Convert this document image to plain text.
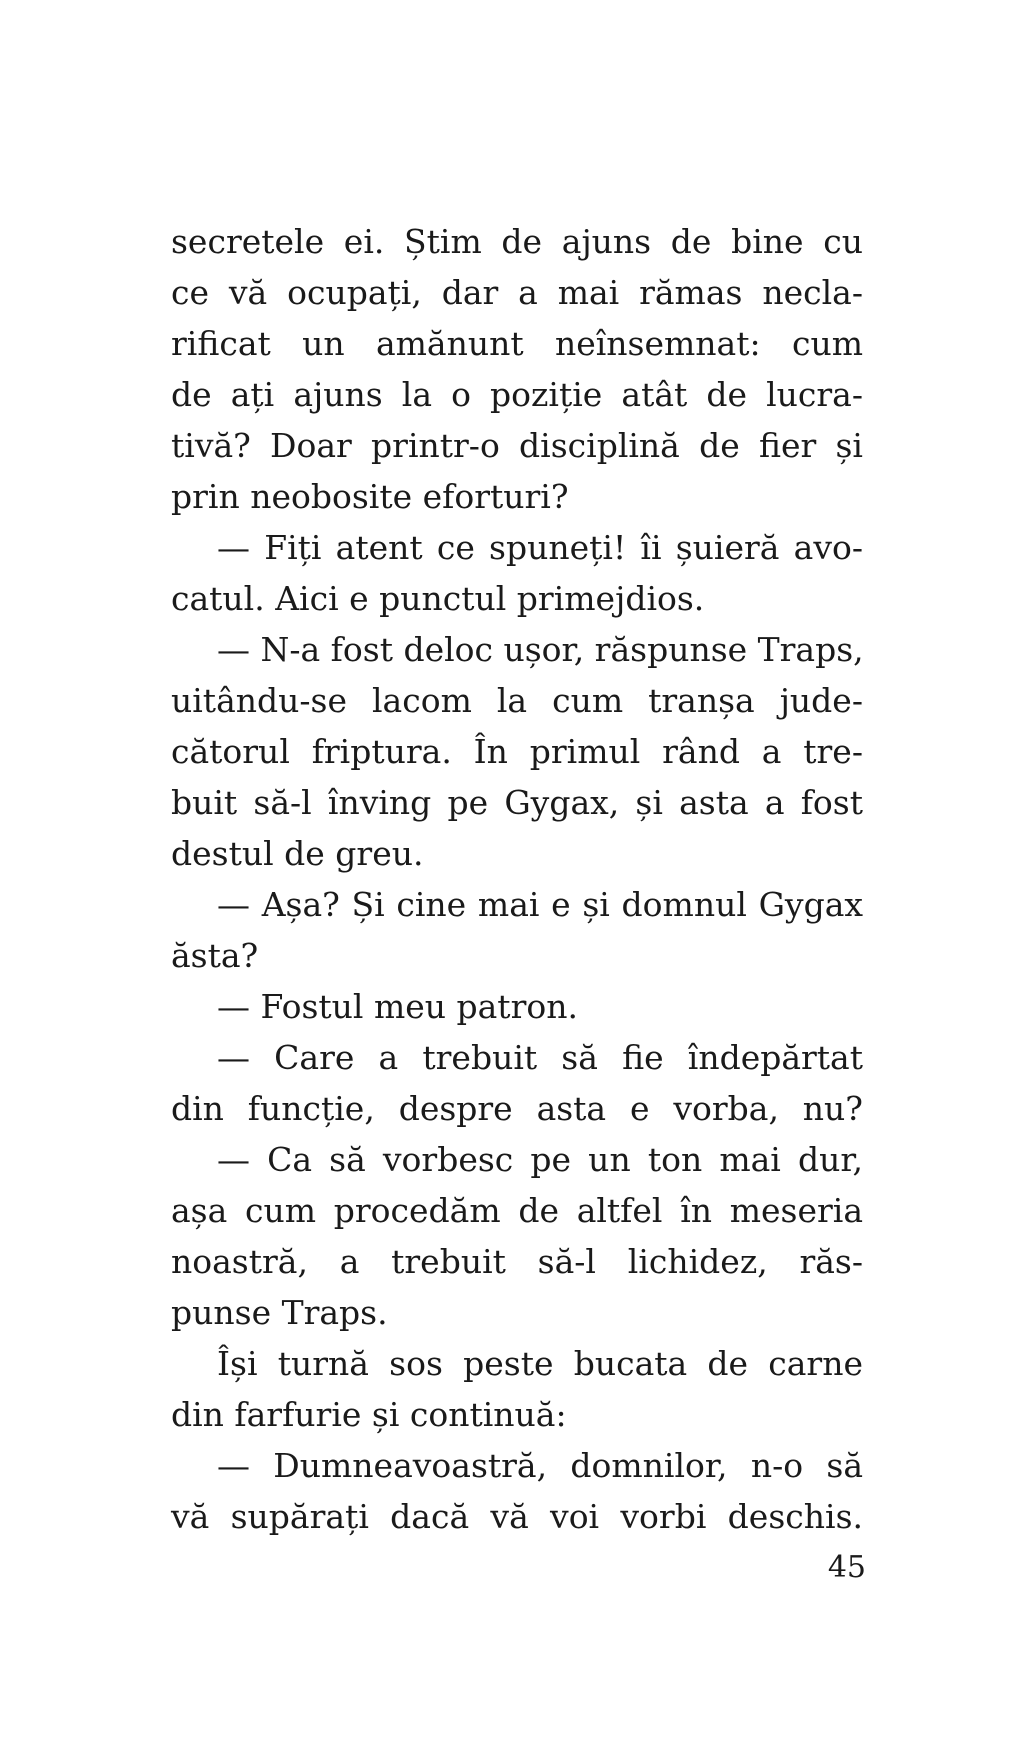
secretele ei. Știm de ajuns de bine cu
ce vă ocupați, dar a mai rămas necla-
rificat un amănunt neînsemnat: cum
de ați ajuns la o poziție atât de lucra-
tivă? Doar printr-o disciplină de fier și
prin neobosite eforturi?
— Fiți atent ce spuneți! îi șuieră avo-
catul. Aici e punctul primejdios.
— N-a fost deloc ușor, răspunse Traps,
uitându-se lacom la cum tranșa jude-
cătorul friptura. În primul rând a tre-
buit să-l înving pe Gygax, și asta a fost
destul de greu.
— Așa? Și cine mai e și domnul Gygax
ăsta?
— Fostul meu patron.
— Care a trebuit să fie îndepărtat
din funcție, despre asta e vorba, nu?
— Ca să vorbesc pe un ton mai dur,
așa cum procedăm de altfel în meseria
noastră, a trebuit să-l lichidez, răs-
punse Traps.
Își turnă sos peste bucata de carne
din farfurie și continuă:
— Dumneavoastră, domnilor, n-o să
vă supărați dacă vă voi vorbi deschis.
45
